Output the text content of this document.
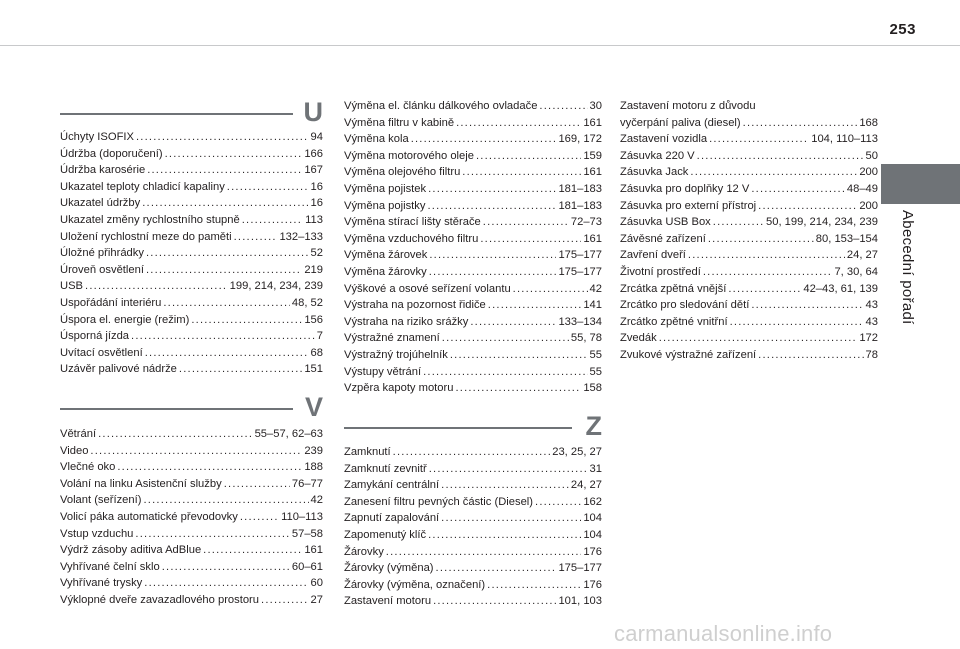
253
Abecední pořadí
U
Úchyty ISOFIX .....	94
Údržba (doporučení) .....	166
Údržba karosérie .....	167
Ukazatel teploty chladicí kapaliny .....	16
Ukazatel údržby .....	16
Ukazatel změny rychlostního stupně .....	113
Uložení rychlostní meze do paměti .....	132–133
Úložné přihrádky .....	52
Úroveň osvětlení .....	219
USB .....	199, 214, 234, 239
Uspořádání interiéru .....	48, 52
Úspora el. energie (režim) .....	156
Úsporná jízda .....	7
Uvítací osvětlení .....	68
Uzávěr palivové nádrže .....	151
V
Větrání .....	55–57, 62–63
Video .....	239
Vlečné oko .....	188
Volání na linku Asistenční služby .....	76–77
Volant (seřízení) .....	42
Volicí páka automatické převodovky .....	110–113
Vstup vzduchu .....	57–58
Výdrž zásoby aditiva AdBlue .....	161
Vyhřívané čelní sklo .....	60–61
Vyhřívané trysky .....	60
Výklopné dveře zavazadlového prostoru .....	27
Výměna el. článku dálkového ovladače .....	30
Výměna filtru v kabině .....	161
Výměna kola .....	169, 172
Výměna motorového oleje .....	159
Výměna olejového filtru .....	161
Výměna pojistek .....	181–183
Výměna pojistky .....	181–183
Výměna stírací lišty stěrače .....	72–73
Výměna vzduchového filtru .....	161
Výměna žárovek .....	175–177
Výměna žárovky .....	175–177
Výškové a osové seřízení volantu .....	42
Výstraha na pozornost řidiče .....	141
Výstraha na riziko srážky .....	133–134
Výstražné znamení .....	55, 78
Výstražný trojúhelník .....	55
Výstupy větrání .....	55
Vzpěra kapoty motoru .....	158
Z
Zamknutí .....	23, 25, 27
Zamknutí zevnitř .....	31
Zamykání centrální .....	24, 27
Zanesení filtru pevných částic (Diesel) .....	162
Zapnutí zapalování .....	104
Zapomenutý klíč .....	104
Žárovky .....	176
Žárovky (výměna) .....	175–177
Žárovky (výměna, označení) .....	176
Zastavení motoru .....	101, 103
Zastavení motoru z důvodu
vyčerpání paliva (diesel) .....	168
Zastavení vozidla .....	104, 110–113
Zásuvka 220 V .....	50
Zásuvka Jack .....	200
Zásuvka pro doplňky 12 V .....	48–49
Zásuvka pro externí přístroj .....	200
Zásuvka USB Box .....	50, 199, 214, 234, 239
Závěsné zařízení .....	80, 153–154
Zavření dveří .....	24, 27
Životní prostředí .....	7, 30, 64
Zrcátka zpětná vnější .....	42–43, 61, 139
Zrcátko pro sledování dětí .....	43
Zrcátko zpětné vnitřní .....	43
Zvedák .....	172
Zvukové výstražné zařízení .....	78
carmanualsonline.info
